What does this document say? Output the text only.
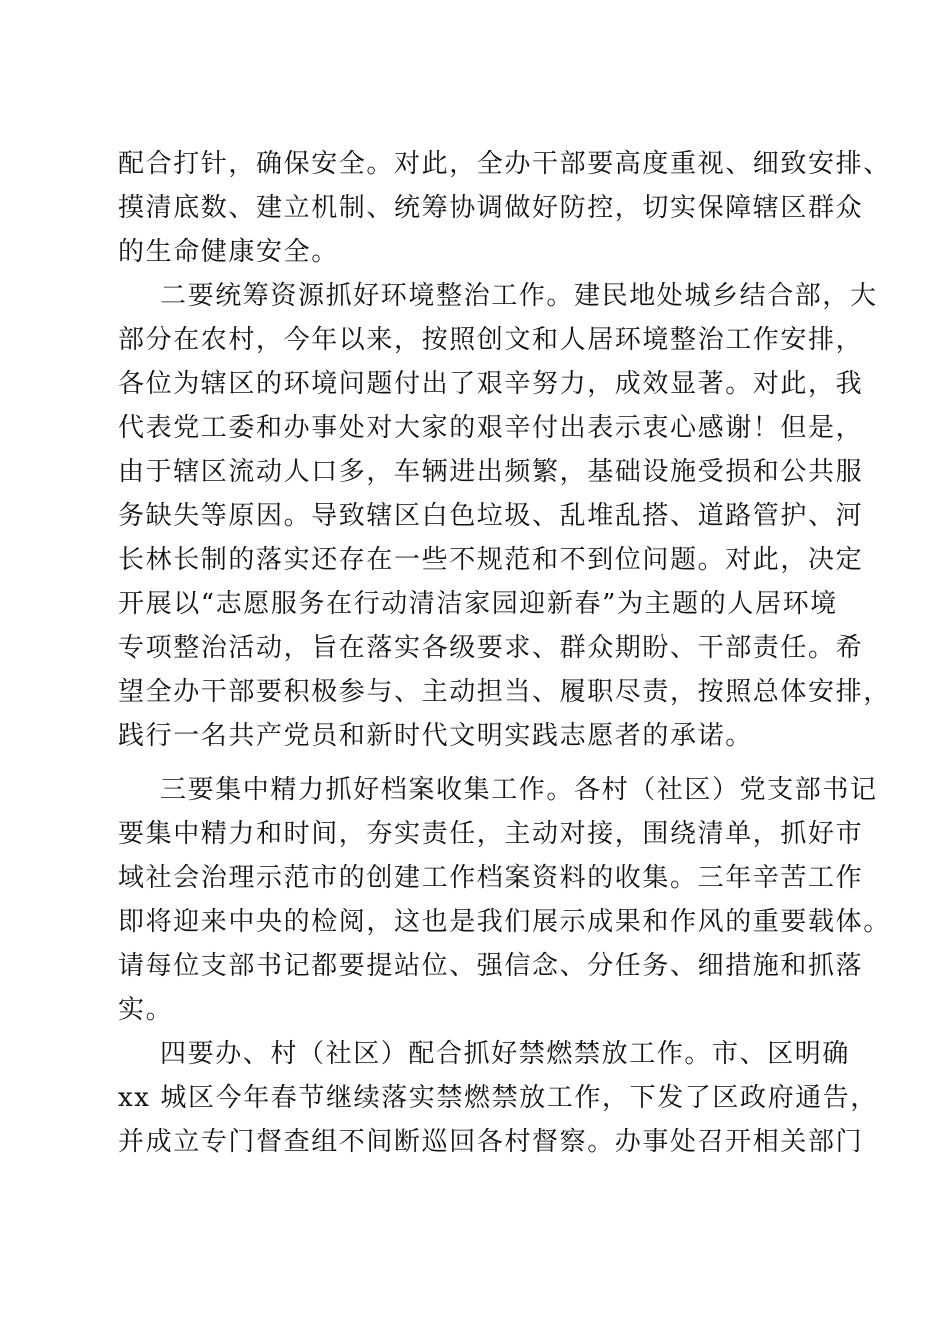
配合打针，确保安全。对此，全办干部要高度重视、细致安排、
摸清底数、建立机制、统筹协调做好防控，切实保障辖区群众
的生命健康安全。
二要统筹资源抓好环境整治工作。建民地处城乡结合部，大
部分在农村，今年以来，按照创文和人居环境整治工作安排，
各位为辖区的环境问题付出了艰辛努力，成效显著。对此，我
代表党工委和办事处对大家的艰辛付出表示衷心感谢！但是，
由于辖区流动人口多，车辆进出频繁，基础设施受损和公共服
务缺失等原因。导致辖区白色垃圾、乱堆乱搭、道路管护、河
长林长制的落实还存在一些不规范和不到位问题。对此，决定
开展以“志愿服务在行动清洁家园迎新春”为主题的人居环境
专项整治活动，旨在落实各级要求、群众期盼、干部责任。希
望全办干部要积极参与、主动担当、履职尽责，按照总体安排，
践行一名共产党员和新时代文明实践志愿者的承诺。
三要集中精力抓好档案收集工作。各村（社区）党支部书记
要集中精力和时间，夯实责任，主动对接，围绕清单，抓好市
域社会治理示范市的创建工作档案资料的收集。三年辛苦工作
即将迎来中央的检阅，这也是我们展示成果和作风的重要载体。
请每位支部书记都要提站位、强信念、分任务、细措施和抓落
实。
四要办、村（社区）配合抓好禁燃禁放工作。市、区明确
xx 城区今年春节继续落实禁燃禁放工作，下发了区政府通告，
并成立专门督查组不间断巡回各村督察。办事处召开相关部门
